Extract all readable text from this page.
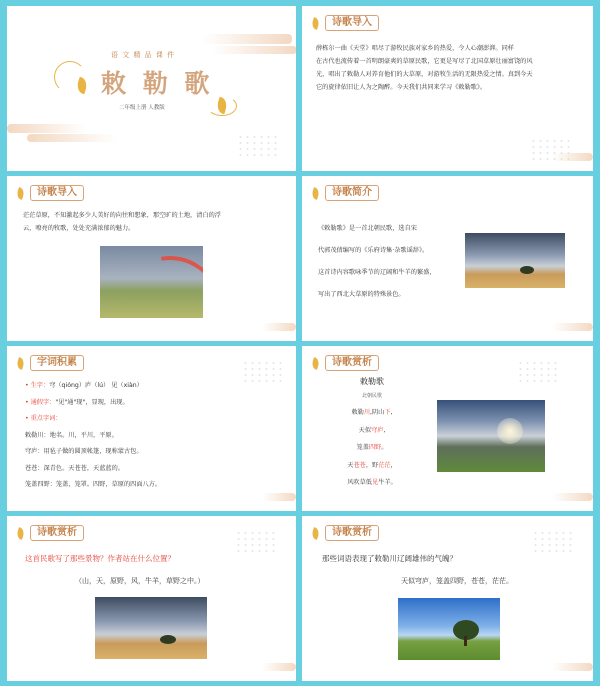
语 文 精 品 课 件
敕 勒 歌
二年级上册 人教版
诗歌导入
薛栋尔一曲《天堂》唱尽了游牧民族对家乡的热爱，令人心潮澎湃。同样
在古代也流传着一首明朗豪爽的草原民歌，它更是写尽了北国草原壮丽富饶的风
光，唱出了敕勒人对养育他们的大草原，对游牧生活的无限热爱之情。真到今天
它的旋律依旧让人为之陶醉。今天我们共同来学习《敕勒歌》。
诗歌导入
茫茫草原，不知激起多少人美好的向往和想象，那空旷的土地，清白的浮
云，嘹亮的牧歌，处处充满浓郁的魅力。
诗歌简介
《敕勒歌》是一首北朝民歌，选自宋
代郭茂倩编写的《乐府诗集·杂歌谣辞》。
这首诗内容歌咏季节的辽阔和牛羊的繁盛，
写出了西北大草原的特殊景色。
字词积累
• 生字：穹（qióng）庐（lú） 见（xiàn）
• 通假字："见"通"现"，显现，出现。
• 重点字词：
敕勒川：地名。川，平川，平原。
穹庐：用毡子做的圆顶帐篷，现称蒙古包。
苍苍：深青色。天苍苍，天蓝蓝的。
笼盖四野：笼盖，笼罩。四野，草原的四面八方。
诗歌赏析
敕勒歌
北朝民歌
敕勒川,阴山下,
天似穹庐,
笼盖四野。
天苍苍，野茫茫，
风吹草低见牛羊。
诗歌赏析
这首民歌写了那些景物？作者站在什么位置？
（山，天，原野，风，牛羊，草野之中。）
诗歌赏析
那些词语表现了敕勒川辽阔雄伟的气魄？
天似穹庐，笼盖四野，苍苍，茫茫。
